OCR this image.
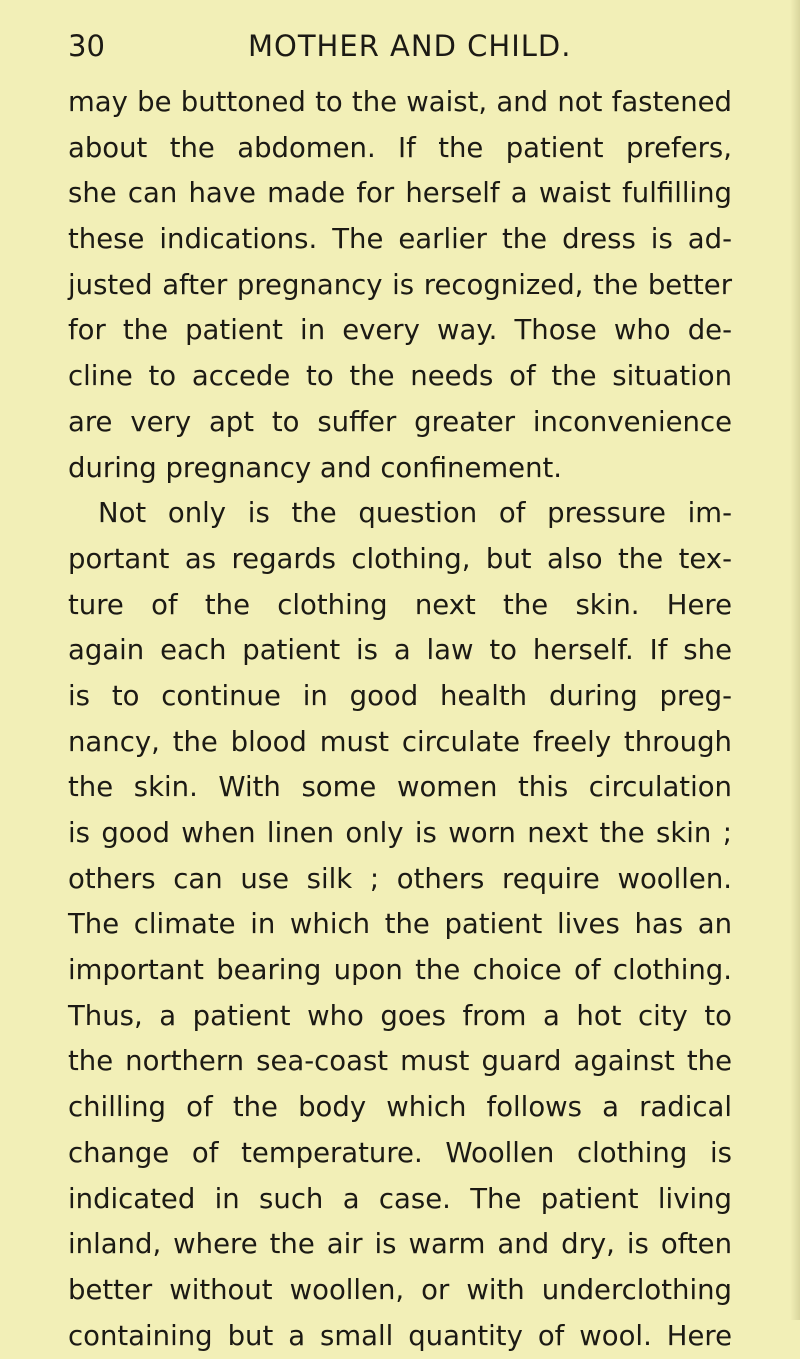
30	MOTHER AND CHILD.
may be buttoned to the waist, and not fastened
about the abdomen. If the patient prefers,
she can have made for herself a waist fulfilling
these indications. The earlier the dress is ad-
justed after pregnancy is recognized, the better
for the patient in every way. Those who de-
cline to accede to the needs of the situation
are very apt to suffer greater inconvenience
during pregnancy and confinement.
Not only is the question of pressure im-
portant as regards clothing, but also the tex-
ture of the clothing next the skin. Here
again each patient is a law to herself. If she
is to continue in good health during preg-
nancy, the blood must circulate freely through
the skin. With some women this circulation
is good when linen only is worn next the skin ;
others can use silk ; others require woollen.
The climate in which the patient lives has an
important bearing upon the choice of clothing.
Thus, a patient who goes from a hot city to
the northern sea-coast must guard against the
chilling of the body which follows a radical
change of temperature. Woollen clothing is
indicated in such a case. The patient living
inland, where the air is warm and dry, is often
better without woollen, or with underclothing
containing but a small quantity of wool. Here
